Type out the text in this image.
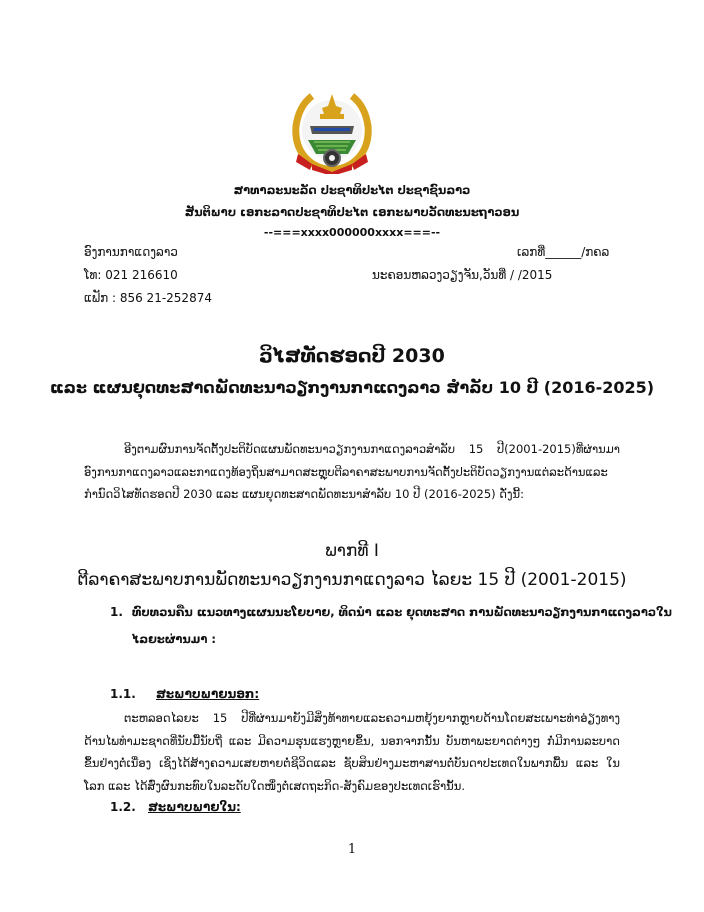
ສາທາລະນະລັດ ປະຊາທິປະໄຕ ປະຊາຊົນລາວ
ສັນຕິພາບ ເອກະລາດປະຊາທິປະໄຕ ເອກະພາບວັດທະນະຖາວອນ
--===xxxx000000xxxx===--
ອົງການກາແດງລາວ	ເລກທີ່______/ກຄລ
ໂທ: 021 216610	ນະຄອນຫລວງວຽງຈັນ,ວັນທີ່ / /2015
ແຟັກ : 856 21-252874
ວິໄສທັດຮອດປີ 2030
ແລະ ແຜນຍຸດທະສາດພັດທະນາວຽກງານກາແດງລາວ ສຳລັບ 10 ປີ (2016-2025)
ອີງຕາມຜົນການຈັດຕັ້ງປະຕິບັດແຜນພັດທະນາວຽກງານກາແດງລາວສຳລັບ 15 ປີ(2001-2015)ທີ່ຜ່ານມາ ອົງການກາແດງລາວແລະກາແດງທ້ອງຖິ່ນສາມາດສະຫຼຸບຕີລາຄາສະພາບການຈັດຕັ້ງປະຕິບັດວຽກງານແຕ່ລະດ້ານແລະ ກຳນົດວິໄສທັດຮອດປີ 2030 ແລະ ແຜນຍຸດທະສາດພັດທະນາສຳລັບ 10 ປີ (2016-2025) ດັ່ງນີ້:
ພາກທີ I
ຕີລາຄາສະພາບການພັດທະນາວຽກງານກາແດງລາວ ໄລຍະ 15 ປີ (2001-2015)
1. ທົບທວນຄືນ ແນວທາງແຜນນະໂຍບາຍ, ທິດນຳ ແລະ ຍຸດທະສາດ ການພັດທະນາວຽກງານກາແດງລາວໃນ
ໄລຍະຜ່ານມາ :
1.1. ສະພາບພາຍນອກ:
ຕະຫລອດໄລຍະ 15 ປີທີ່ຜ່ານມາຍັງມີສິ່ງທ້າທາຍແລະຄວາມຫຍຸ້ງຍາກຫຼາຍດ້ານໂດຍສະເພາະທ່າອ່ຽງທາງດ້ານໄພທຳມະຊາດທີ່ນັບມື້ນັບຖີ່ ແລະ ມີຄວາມຮຸນແຮງຫຼາຍຂຶ້ນ, ນອກຈາກນັ້ນ ບັນຫາພະຍາດຕ່າງໆ ກໍ່ມີການລະບາດຂຶ້ນຢ່າງຕໍ່ເນື່ອງ ເຊິ່ງໄດ້ສ້າງຄວາມເສຍຫາຍຕໍ່ຊີວິດແລະ ຊັບສິນຢ່າງມະຫາສານຕໍ່ບັນດາປະເທດໃນພາກພື້ນ ແລະ ໃນໂລກ ແລະ ໄດ້ສົ່ງຜົນກະທົບໃນລະດັບໃດໜຶ່ງຕໍ່ເສດຖະກິດ-ສັງຄົມຂອງປະເທດເຮົານັ້ນ.
1.2. ສະພາບພາຍໃນ:
1
